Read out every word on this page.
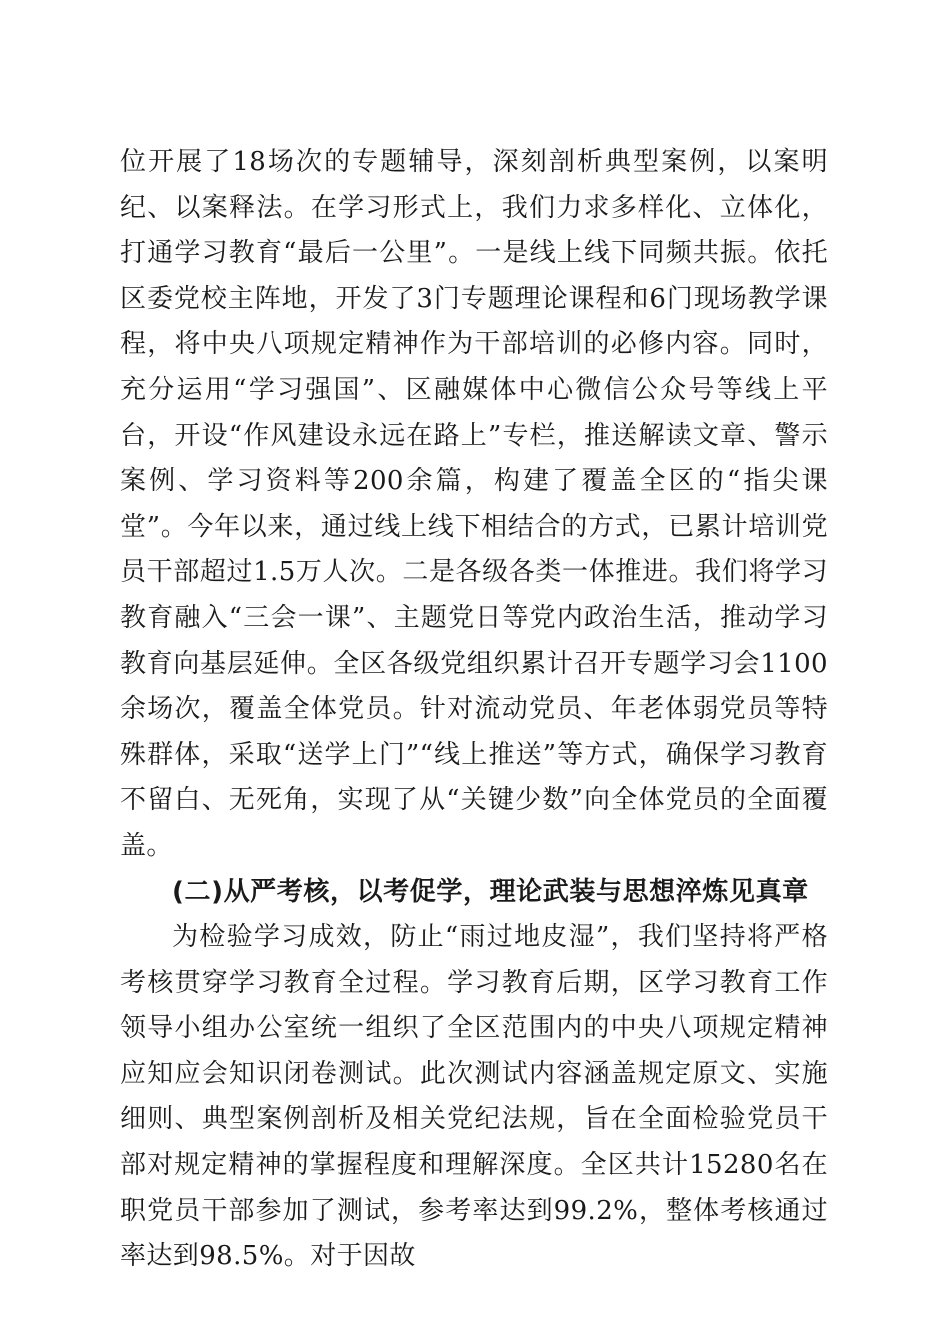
位开展了18场次的专题辅导，深刻剖析典型案例，以案明纪、以案释法。在学习形式上，我们力求多样化、立体化，打通学习教育“最后一公里”。一是线上线下同频共振。依托区委党校主阵地，开发了3门专题理论课程和6门现场教学课程，将中央八项规定精神作为干部培训的必修内容。同时，充分运用“学习强国”、区融媒体中心微信公众号等线上平台，开设“作风建设永远在路上”专栏，推送解读文章、警示案例、学习资料等200余篇，构建了覆盖全区的“指尖课堂”。今年以来，通过线上线下相结合的方式，已累计培训党员干部超过1.5万人次。二是各级各类一体推进。我们将学习教育融入“三会一课”、主题党日等党内政治生活，推动学习教育向基层延伸。全区各级党组织累计召开专题学习会1100余场次，覆盖全体党员。针对流动党员、年老体弱党员等特殊群体，采取“送学上门”“线上推送”等方式，确保学习教育不留白、无死角，实现了从“关键少数”向全体党员的全面覆盖。

(二)从严考核，以考促学，理论武装与思想淬炼见真章

为检验学习成效，防止“雨过地皮湿”，我们坚持将严格考核贯穿学习教育全过程。学习教育后期，区学习教育工作领导小组办公室统一组织了全区范围内的中央八项规定精神应知应会知识闭卷测试。此次测试内容涵盖规定原文、实施细则、典型案例剖析及相关党纪法规，旨在全面检验党员干部对规定精神的掌握程度和理解深度。全区共计15280名在职党员干部参加了测试，参考率达到99.2%，整体考核通过率达到98.5%。对于因故
